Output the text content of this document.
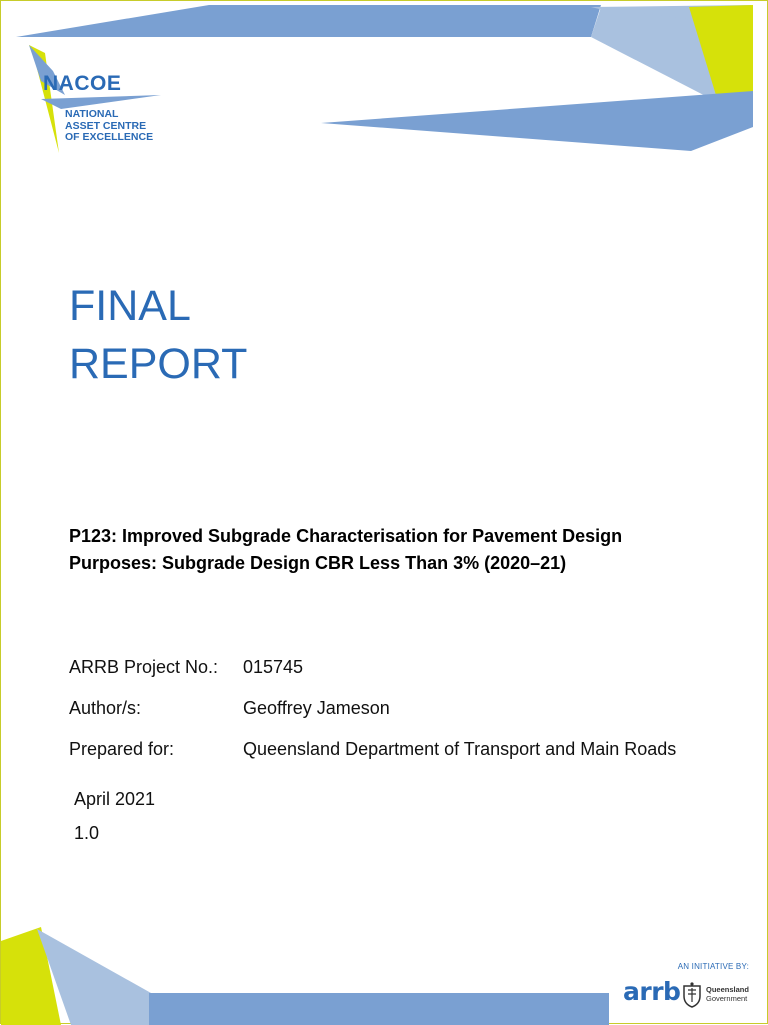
NACOE
NATIONAL
ASSET CENTRE
OF EXCELLENCE
FINAL
REPORT
P123: Improved Subgrade Characterisation for Pavement Design
Purposes: Subgrade Design CBR Less Than 3% (2020–21)
ARRB Project No.: 015745
Author/s:	Geoffrey Jameson
Prepared for:	Queensland Department of Transport and Main Roads
April 2021
1.0
AN INITIATIVE BY:
arrb	Queensland
Government
